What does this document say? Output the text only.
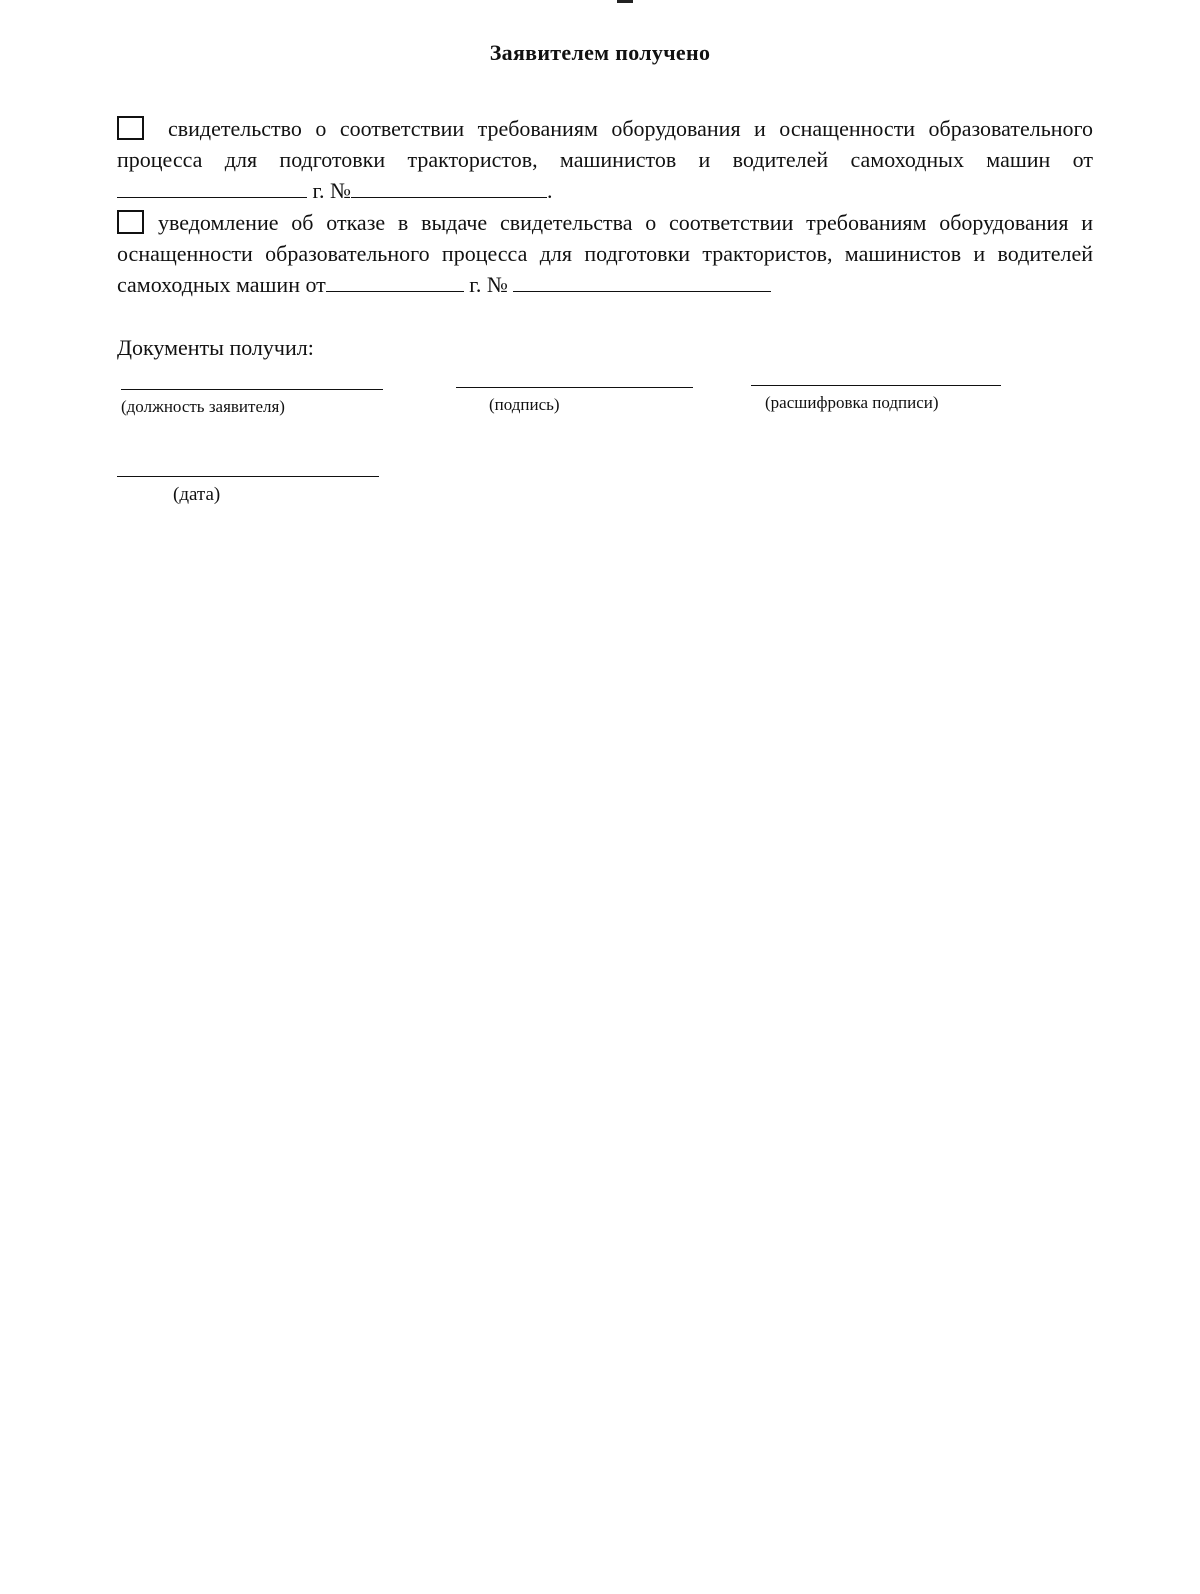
Заявителем получено
свидетельство о соответствии требованиям оборудования и оснащенности образовательного процесса для подготовки трактористов, машинистов и водителей самоходных машин от  г. №	.
уведомление об отказе в выдаче свидетельства о соответствии требованиям оборудования и оснащенности образовательного процесса для подготовки трактористов, машинистов и водителей самоходных машин от	г. №
Документы получил:
(должность заявителя)	(подпись)	(расшифровка подписи)
(дата)
